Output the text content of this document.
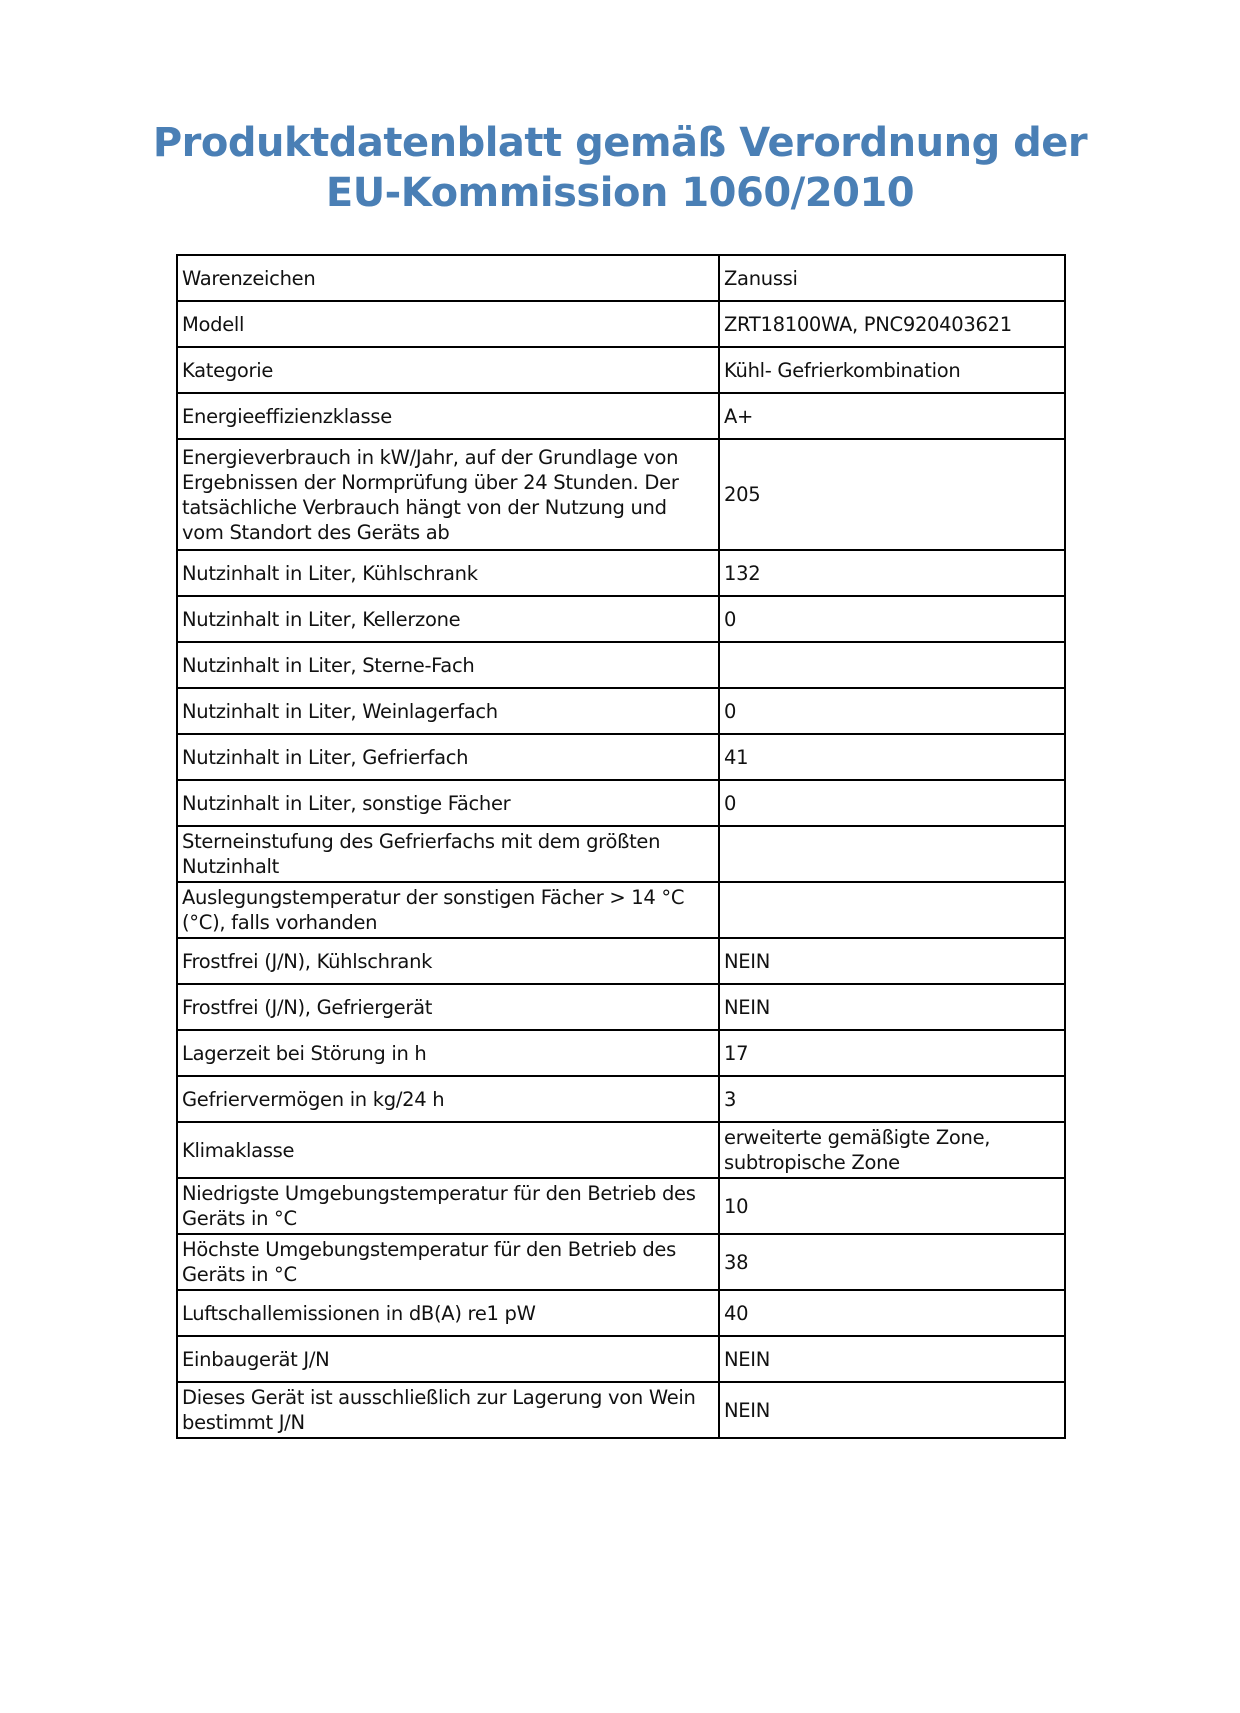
Produktdatenblatt gemäß Verordnung der
EU-Kommission 1060/2010
Warenzeichen	Zanussi
Modell	ZRT18100WA, PNC920403621
Kategorie	Kühl- Gefrierkombination
Energieeffizienzklasse	A+
Energieverbrauch in kW/Jahr, auf der Grundlage von Ergebnissen der Normprüfung über 24 Stunden. Der tatsächliche Verbrauch hängt von der Nutzung und vom Standort des Geräts ab	205
Nutzinhalt in Liter, Kühlschrank	132
Nutzinhalt in Liter, Kellerzone	0
Nutzinhalt in Liter, Sterne-Fach	
Nutzinhalt in Liter, Weinlagerfach	0
Nutzinhalt in Liter, Gefrierfach	41
Nutzinhalt in Liter, sonstige Fächer	0
Sterneinstufung des Gefrierfachs mit dem größten Nutzinhalt	
Auslegungstemperatur der sonstigen Fächer > 14 °C (°C), falls vorhanden	
Frostfrei (J/N), Kühlschrank	NEIN
Frostfrei (J/N), Gefriergerät	NEIN
Lagerzeit bei Störung in h	17
Gefriervermögen in kg/24 h	3
Klimaklasse	erweiterte gemäßigte Zone, subtropische Zone
Niedrigste Umgebungstemperatur für den Betrieb des Geräts in °C	10
Höchste Umgebungstemperatur für den Betrieb des Geräts in °C	38
Luftschallemissionen in dB(A) re1 pW	40
Einbaugerät J/N	NEIN
Dieses Gerät ist ausschließlich zur Lagerung von Wein bestimmt J/N	NEIN
